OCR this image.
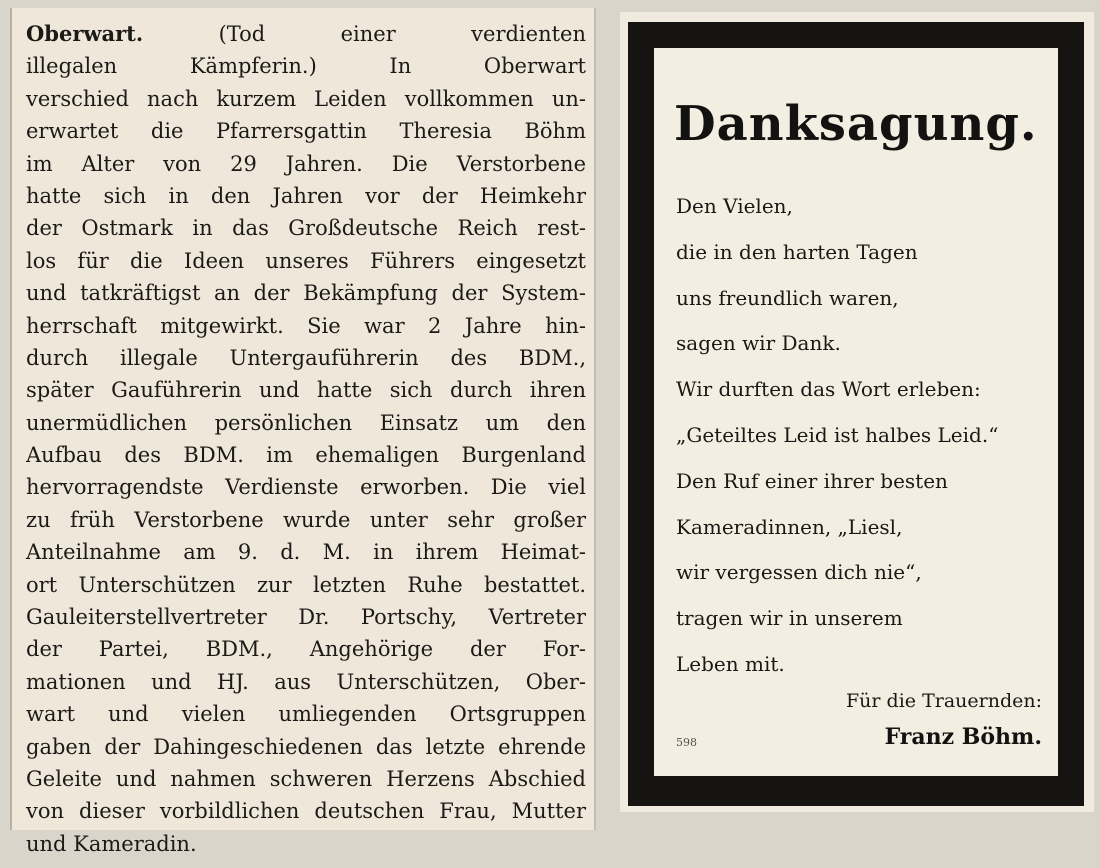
Oberwart. (Tod einer verdienten
illegalen Kämpferin.) In Oberwart
verschied nach kurzem Leiden vollkommen un-
erwartet die Pfarrersgattin Theresia Böhm
im Alter von 29 Jahren. Die Verstorbene
hatte sich in den Jahren vor der Heimkehr
der Ostmark in das Großdeutsche Reich rest-
los für die Ideen unseres Führers eingesetzt
und tatkräftigst an der Bekämpfung der System-
herrschaft mitgewirkt. Sie war 2 Jahre hin-
durch illegale Untergauführerin des BDM.,
später Gauführerin und hatte sich durch ihren
unermüdlichen persönlichen Einsatz um den
Aufbau des BDM. im ehemaligen Burgenland
hervorragendste Verdienste erworben. Die viel
zu früh Verstorbene wurde unter sehr großer
Anteilnahme am 9. d. M. in ihrem Heimat-
ort Unterschützen zur letzten Ruhe bestattet.
Gauleiterstellvertreter Dr. Portschy, Vertreter
der Partei, BDM., Angehörige der For-
mationen und HJ. aus Unterschützen, Ober-
wart und vielen umliegenden Ortsgruppen
gaben der Dahingeschiedenen das letzte ehrende
Geleite und nahmen schweren Herzens Abschied
von dieser vorbildlichen deutschen Frau, Mutter
und Kameradin.
Danksagung.
Den Vielen,
die in den harten Tagen
uns freundlich waren,
sagen wir Dank.
Wir durften das Wort erleben:
„Geteiltes Leid ist halbes Leid.“
Den Ruf einer ihrer besten
Kameradinnen, „Liesl,
wir vergessen dich nie“,
tragen wir in unserem
Leben mit.
Für die Trauernden:
598	Franz Böhm.
